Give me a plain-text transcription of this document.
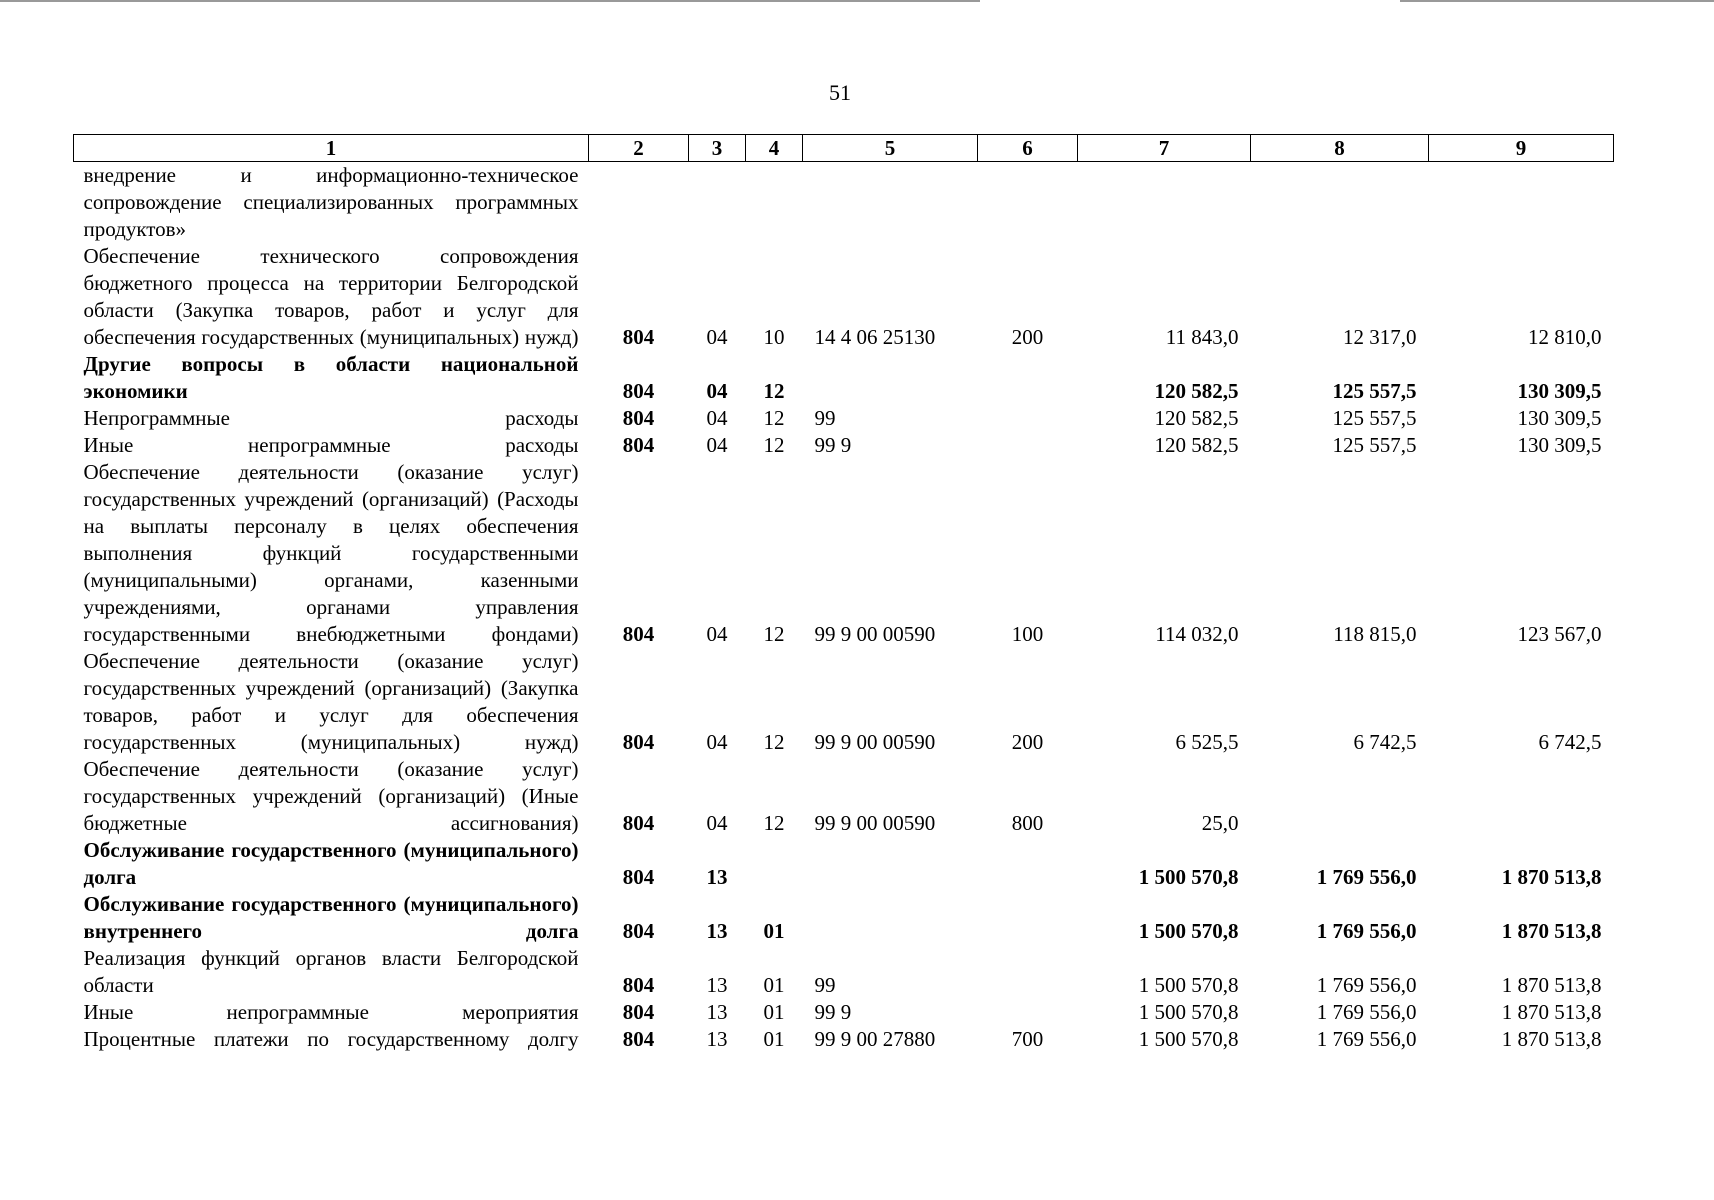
51
1	2	3	4	5	6	7	8	9
внедрение и информационно-техническое сопровождение специализированных программных продуктов»								
Обеспечение технического сопровождения бюджетного процесса на территории Белгородской области (Закупка товаров, работ и услуг для обеспечения государственных (муниципальных) нужд)	804	04	10	14 4 06 25130	200	11 843,0	12 317,0	12 810,0
Другие вопросы в области национальной экономики	804	04	12			120 582,5	125 557,5	130 309,5
Непрограммные расходы	804	04	12	99		120 582,5	125 557,5	130 309,5
Иные непрограммные расходы	804	04	12	99 9		120 582,5	125 557,5	130 309,5
Обеспечение деятельности (оказание услуг) государственных учреждений (организаций) (Расходы на выплаты персоналу в целях обеспечения выполнения функций государственными (муниципальными) органами, казенными учреждениями, органами управления государственными внебюджетными фондами)	804	04	12	99 9 00 00590	100	114 032,0	118 815,0	123 567,0
Обеспечение деятельности (оказание услуг) государственных учреждений (организаций) (Закупка товаров, работ и услуг для обеспечения государственных (муниципальных) нужд)	804	04	12	99 9 00 00590	200	6 525,5	6 742,5	6 742,5
Обеспечение деятельности (оказание услуг) государственных учреждений (организаций) (Иные бюджетные ассигнования)	804	04	12	99 9 00 00590	800	25,0		
Обслуживание государственного (муниципального) долга	804	13				1 500 570,8	1 769 556,0	1 870 513,8
Обслуживание государственного (муниципального) внутреннего долга	804	13	01			1 500 570,8	1 769 556,0	1 870 513,8
Реализация функций органов власти Белгородской области	804	13	01	99		1 500 570,8	1 769 556,0	1 870 513,8
Иные непрограммные мероприятия	804	13	01	99 9		1 500 570,8	1 769 556,0	1 870 513,8
Процентные платежи по государственному долгу	804	13	01	99 9 00 27880	700	1 500 570,8	1 769 556,0	1 870 513,8
